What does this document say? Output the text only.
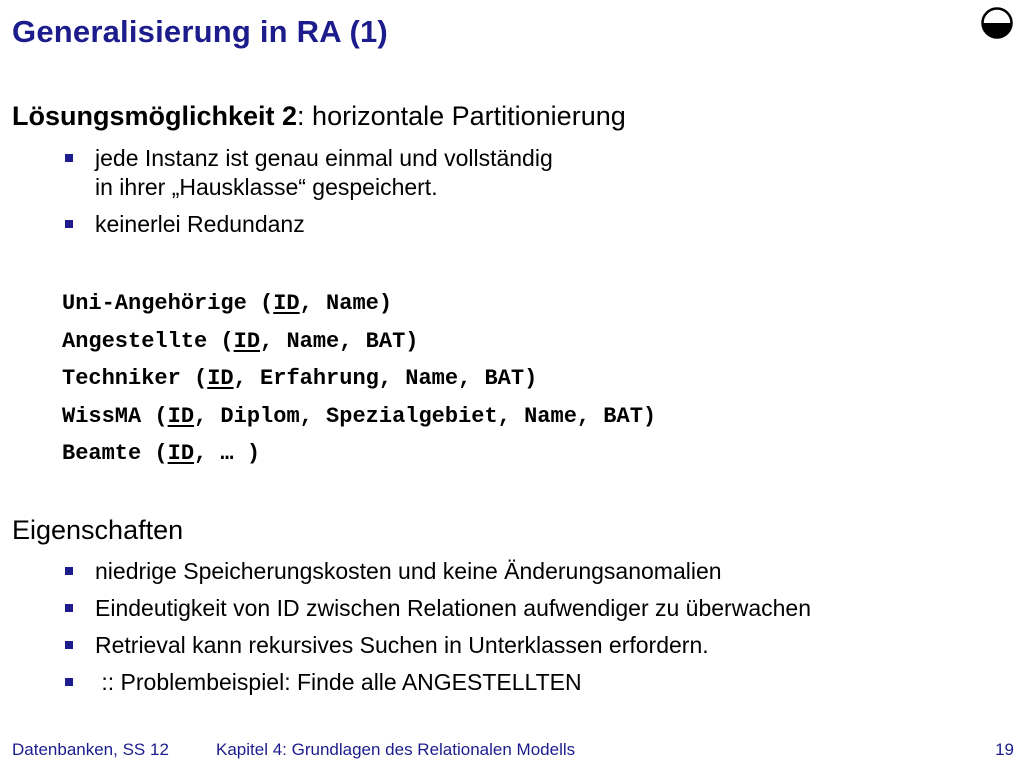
Generalisierung in RA (1)
Lösungsmöglichkeit 2: horizontale Partitionierung
jede Instanz ist genau einmal und vollständig
in ihrer „Hausklasse“ gespeichert.
keinerlei Redundanz
Uni-Angehörige (ID, Name)
Angestellte (ID, Name, BAT)
Techniker (ID, Erfahrung, Name, BAT)
WissMA (ID, Diplom, Spezialgebiet, Name, BAT)
Beamte (ID, … )
Eigenschaften
niedrige Speicherungskosten und keine Änderungsanomalien
Eindeutigkeit von ID zwischen Relationen aufwendiger zu überwachen
Retrieval kann rekursives Suchen in Unterklassen erfordern.
:: Problembeispiel: Finde alle ANGESTELLTEN
Datenbanken, SS 12	Kapitel 4: Grundlagen des Relationalen Modells	19
